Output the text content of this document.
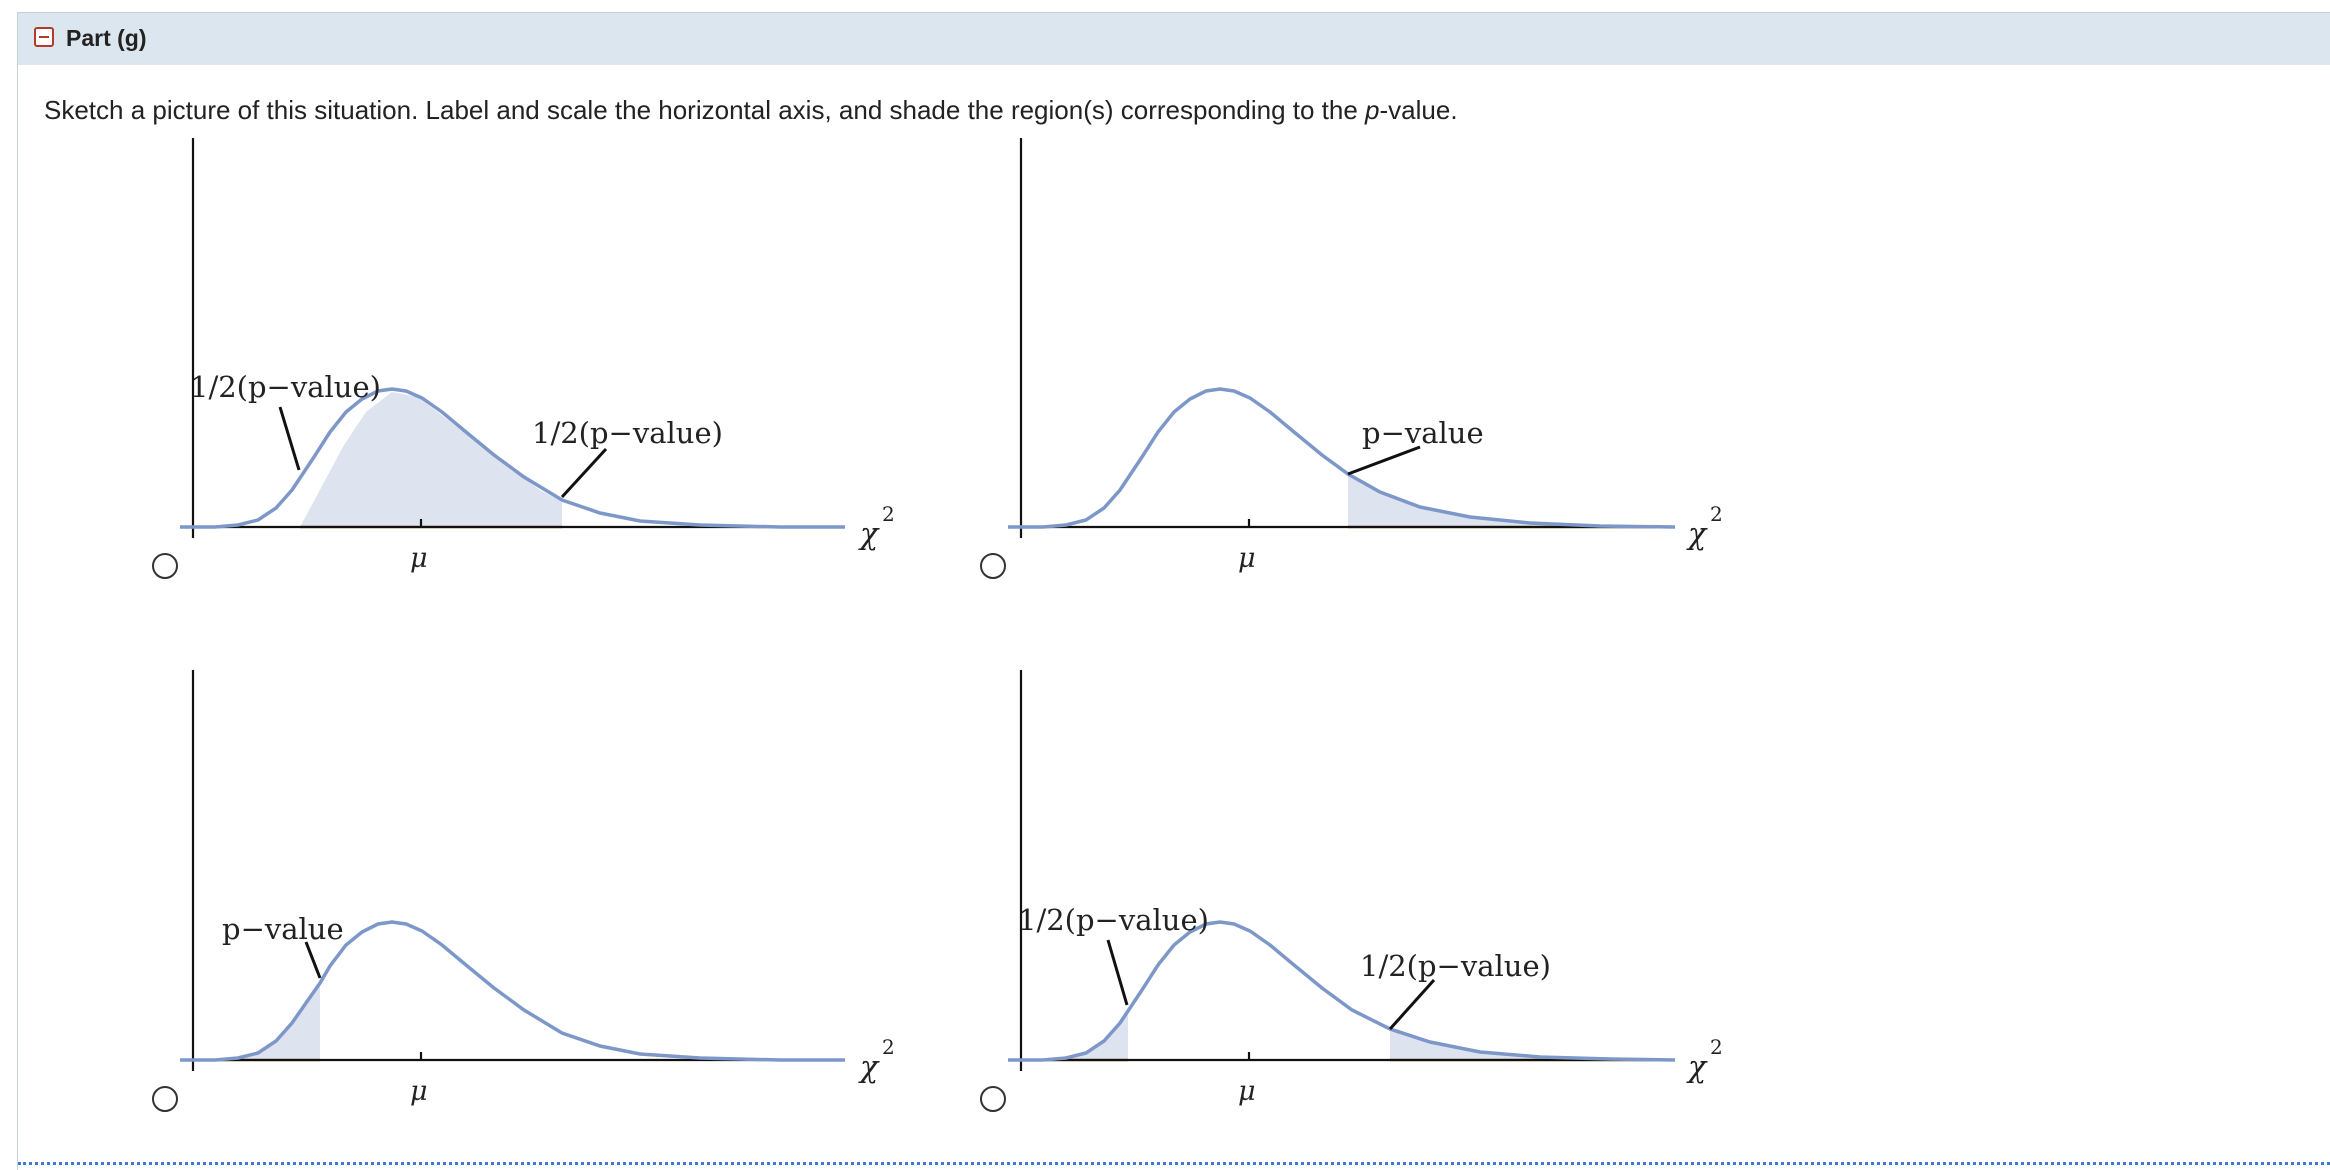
Part (g)
Sketch a picture of this situation. Label and scale the horizontal axis, and shade the region(s) corresponding to the p-value.
1/2(p−value)
1/2(p−value)
μ
χ
2
p−value
μ
χ
2
p−value
μ
χ
2
1/2(p−value)
1/2(p−value)
μ
χ
2
